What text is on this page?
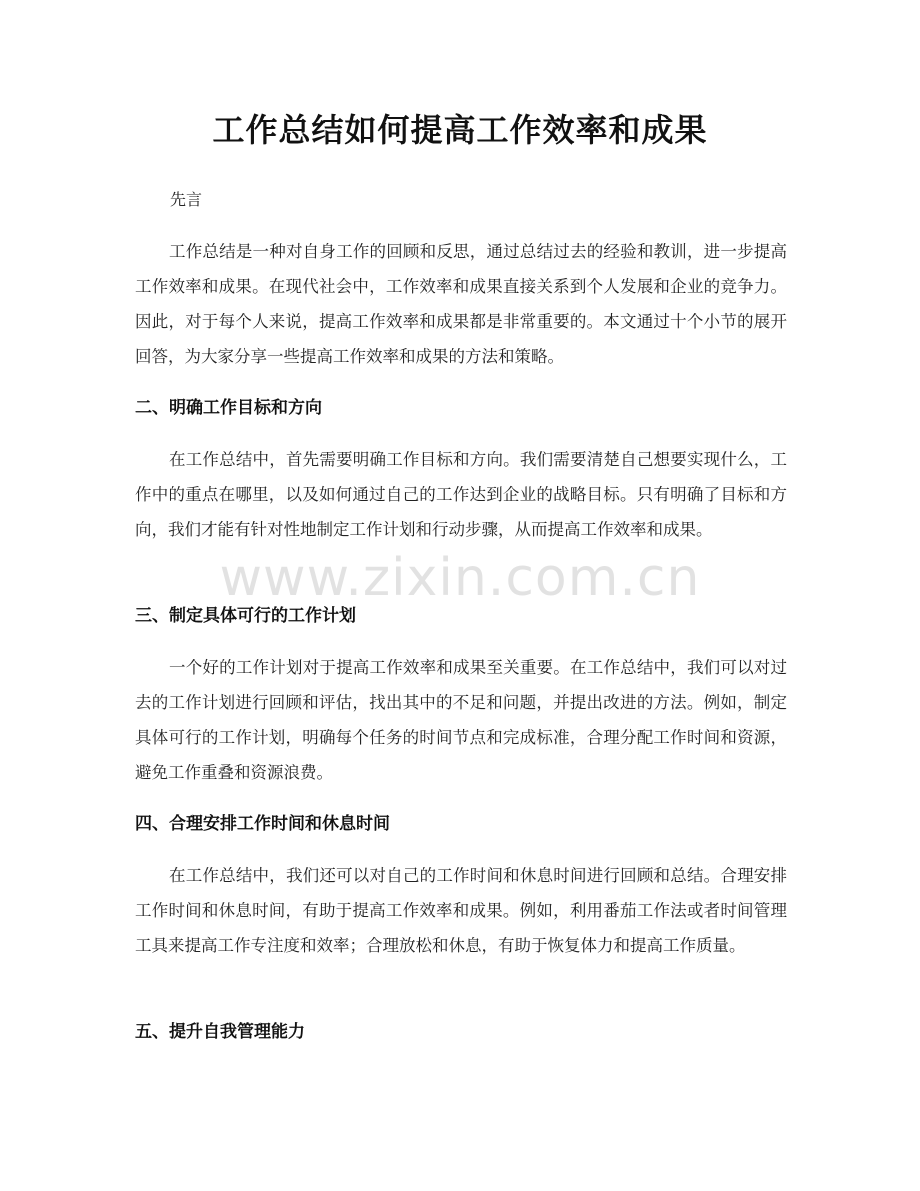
工作总结如何提高工作效率和成果
先言

工作总结是一种对自身工作的回顾和反思，通过总结过去的经验和教训，进一步提高工作效率和成果。在现代社会中，工作效率和成果直接关系到个人发展和企业的竞争力。因此，对于每个人来说，提高工作效率和成果都是非常重要的。本文通过十个小节的展开回答，为大家分享一些提高工作效率和成果的方法和策略。

二、明确工作目标和方向

在工作总结中，首先需要明确工作目标和方向。我们需要清楚自己想要实现什么，工作中的重点在哪里，以及如何通过自己的工作达到企业的战略目标。只有明确了目标和方向，我们才能有针对性地制定工作计划和行动步骤，从而提高工作效率和成果。

三、制定具体可行的工作计划

一个好的工作计划对于提高工作效率和成果至关重要。在工作总结中，我们可以对过去的工作计划进行回顾和评估，找出其中的不足和问题，并提出改进的方法。例如，制定具体可行的工作计划，明确每个任务的时间节点和完成标准，合理分配工作时间和资源，避免工作重叠和资源浪费。

四、合理安排工作时间和休息时间

在工作总结中，我们还可以对自己的工作时间和休息时间进行回顾和总结。合理安排工作时间和休息时间，有助于提高工作效率和成果。例如，利用番茄工作法或者时间管理工具来提高工作专注度和效率；合理放松和休息，有助于恢复体力和提高工作质量。

五、提升自我管理能力
www.zixin.com.cn
